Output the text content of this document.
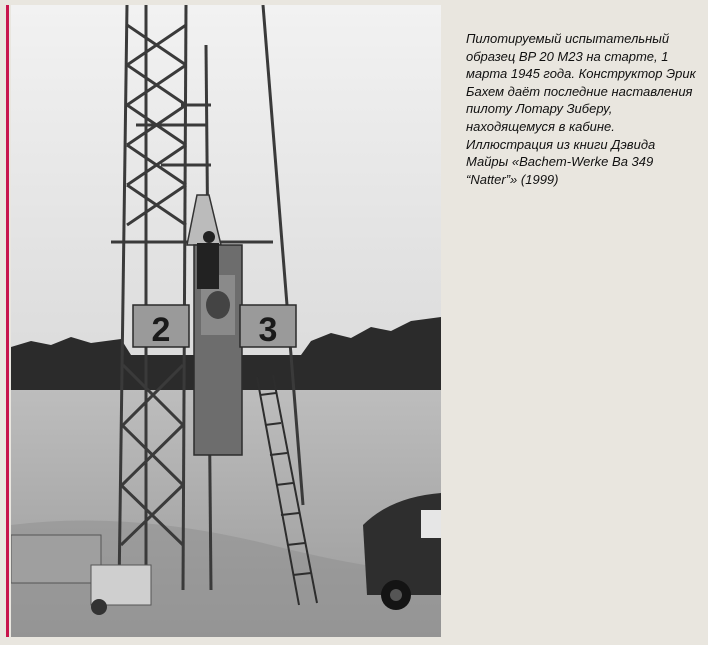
2	3

Пилотируемый испытательный образец BP 20 M23 на старте, 1 марта 1945 года. Конструктор Эрик Бахем даёт последние наставления пилоту Лотару Зиберу, находящемуся в кабине. Иллюстрация из книги Дэвида Майры «Bachem-Werke Ba 349 “Natter”» (1999)
